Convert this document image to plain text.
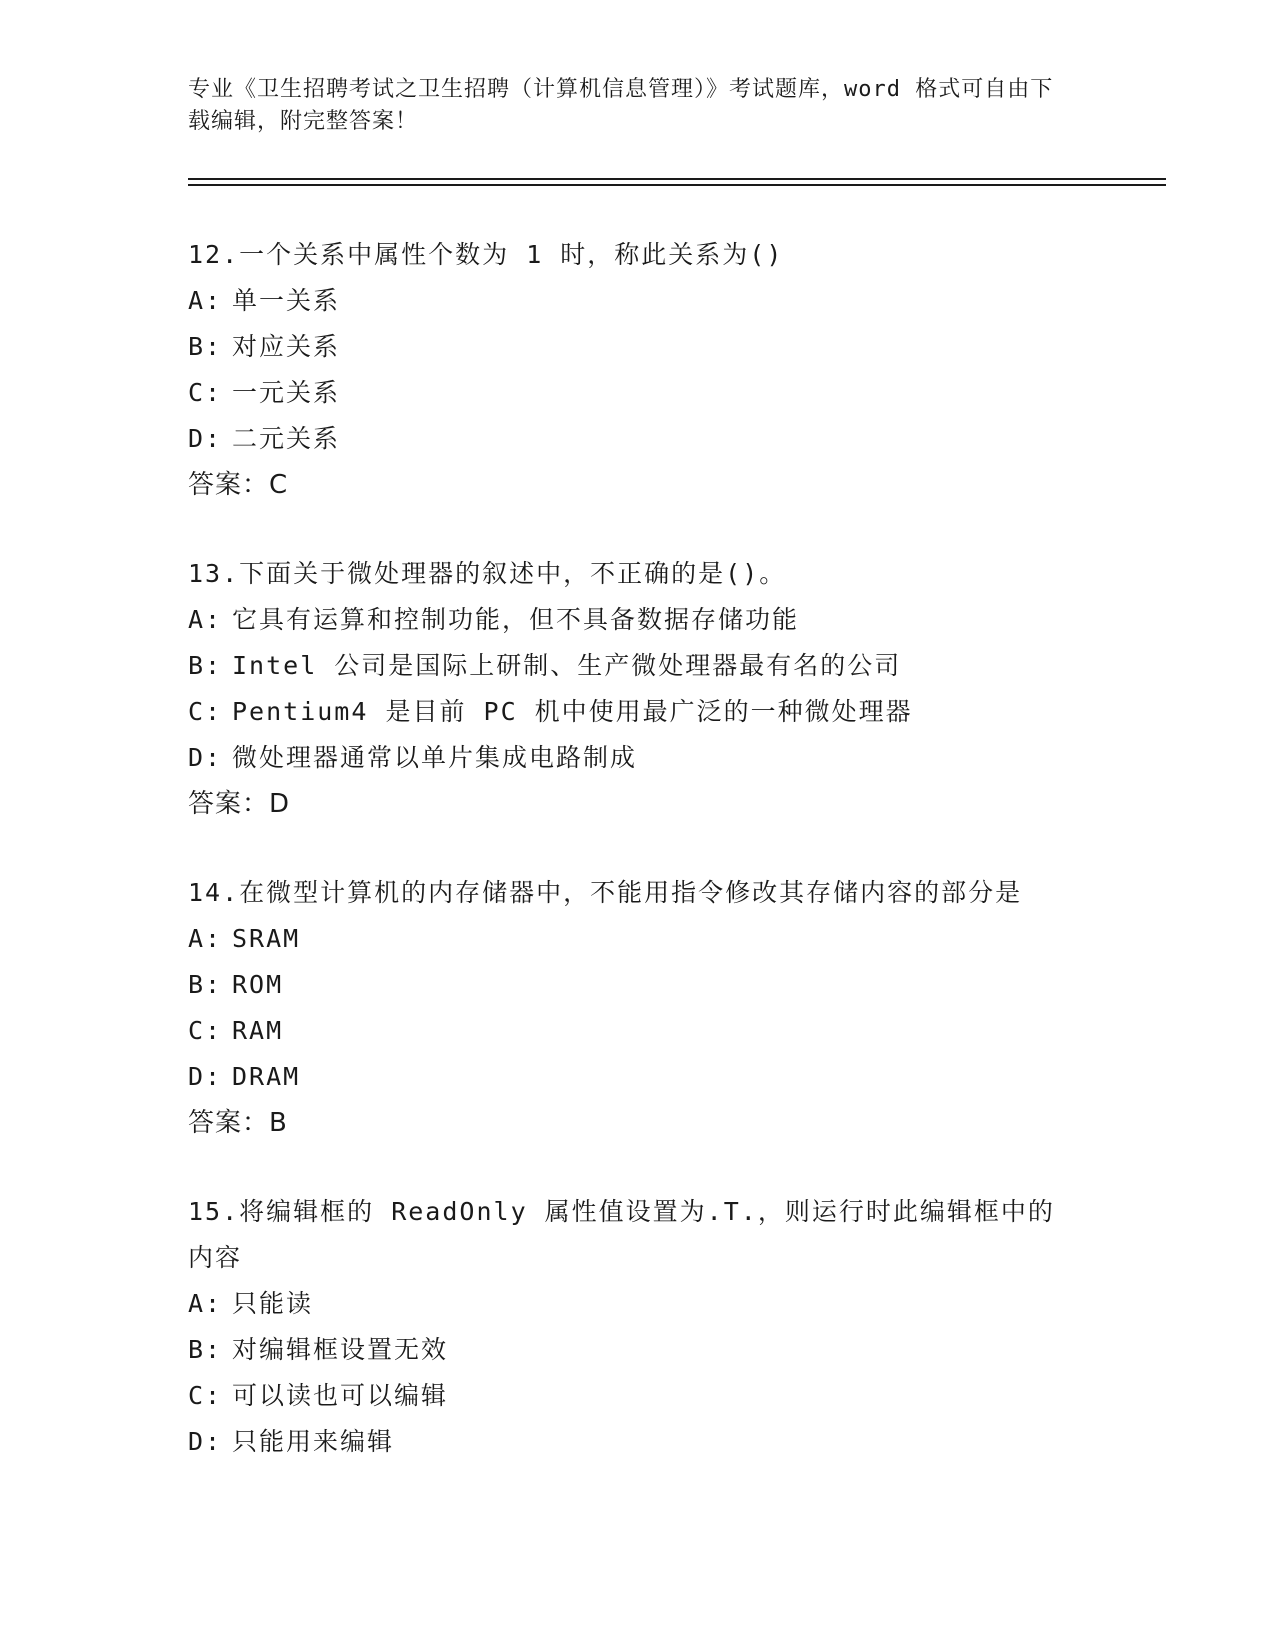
专业《卫生招聘考试之卫生招聘（计算机信息管理）》考试题库，word 格式可自由下载编辑，附完整答案！
12.一个关系中属性个数为 1 时，称此关系为()
A: 单一关系
B: 对应关系
C: 一元关系
D: 二元关系
答案：C
13.下面关于微处理器的叙述中，不正确的是()。
A: 它具有运算和控制功能，但不具备数据存储功能
B: Intel 公司是国际上研制、生产微处理器最有名的公司
C: Pentium4 是目前 PC 机中使用最广泛的一种微处理器
D: 微处理器通常以单片集成电路制成
答案：D
14.在微型计算机的内存储器中，不能用指令修改其存储内容的部分是
A: SRAM
B: ROM
C: RAM
D: DRAM
答案：B
15.将编辑框的 ReadOnly 属性值设置为.T.，则运行时此编辑框中的内容
A: 只能读
B: 对编辑框设置无效
C: 可以读也可以编辑
D: 只能用来编辑
